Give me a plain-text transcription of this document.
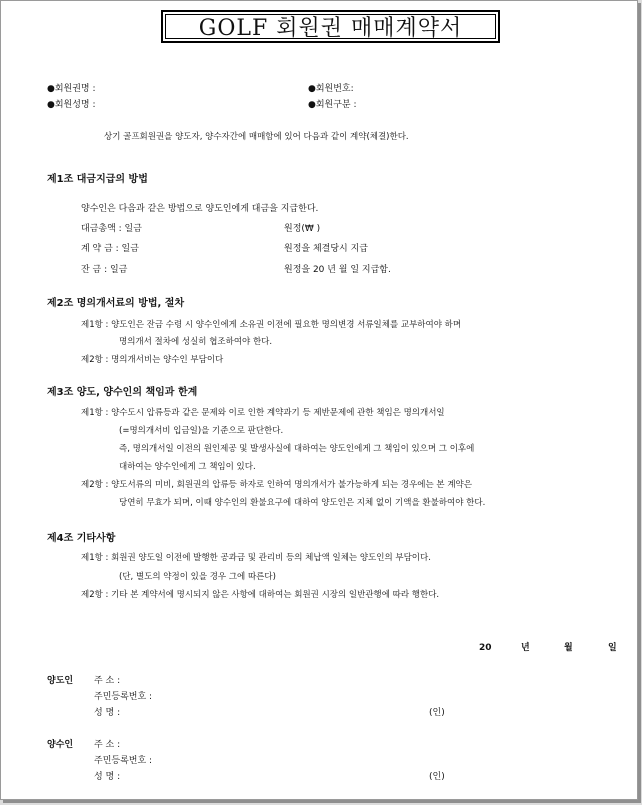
GOLF 회원권 매매계약서
●회원권명 :	●회원번호:
●회원성명 :	●회원구분 :
상기 골프회원권을 양도자, 양수자간에 매매함에 있어 다음과 같이 계약(체결)한다.
제1조 대금지급의 방법
양수인은 다음과 같은 방법으로 양도인에게 대금을 지급한다.
대금총액 : 일금	원정(₩ )
계 약 금 : 일금	원정을 체결당시 지급
잔 금 : 일금	원정을 20 년 월 일 지급함.
제2조 명의개서료의 방법, 절차
제1항 : 양도인은 잔금 수령 시 양수인에게 소유권 이전에 필요한 명의변경 서류일체를 교부하여야 하며
명의개서 절차에 성실히 협조하여야 한다.
제2항 : 명의개서비는 양수인 부담이다
제3조 양도, 양수인의 책임과 한계
제1항 : 양수도시 압류등과 같은 문제와 이로 인한 계약과기 등 제반문제에 관한 책임은 명의개서일
(=명의개서비 입금일)을 기준으로 판단한다.
즉, 명의개서일 이전의 원인제공 및 발생사실에 대하여는 양도인에게 그 책임이 있으며 그 이후에
대하여는 양수인에게 그 책임이 있다.
제2항 : 양도서류의 미비, 회원권의 압류등 하자로 인하여 명의개서가 불가능하게 되는 경우에는 본 계약은
당연히 무효가 되며, 이때 양수인의 환불요구에 대하여 양도인은 지체 없이 기액을 환불하여야 한다.
제4조 기타사항
제1항 : 회원권 양도일 이전에 발행한 공과금 및 관리비 등의 체납액 일체는 양도인의 부담이다.
(단, 별도의 약정이 있을 경우 그에 따른다)
제2항 : 기타 본 계약서에 명시되지 않은 사항에 대하여는 회원권 시장의 일반관행에 따라 행한다.
20	년	월	일
양도인 주 소 :
주민등록번호 :
성 명 :	(인)
양수인 주 소 :
주민등록번호 :
성 명 :	(인)
